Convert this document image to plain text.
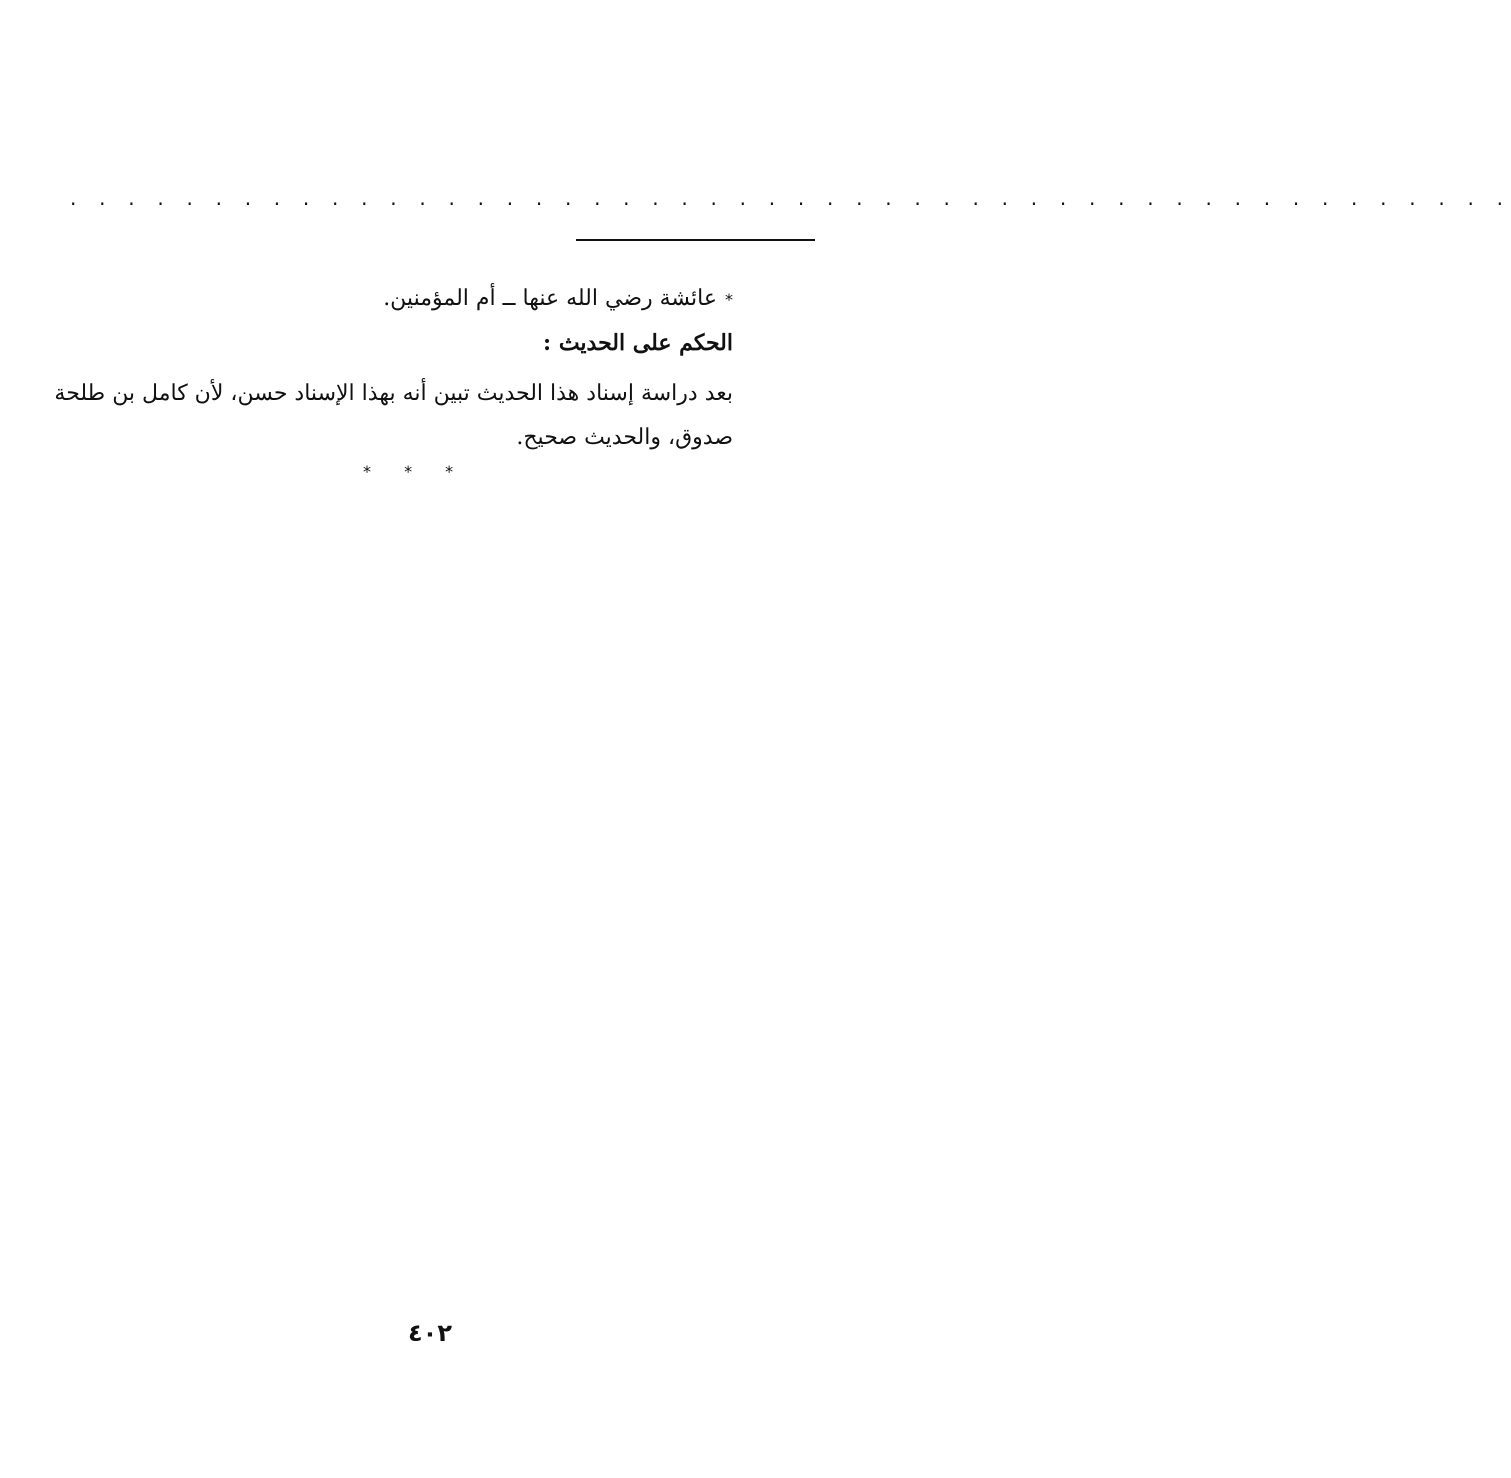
. . . . . . . . . . . . . . . . . . . . . . . . . . . . . . . . . . . . . . . . . . . . . . . . . .
*عائشة رضي الله عنها ــ أم المؤمنين.
الحكم على الحديث :
بعد دراسة إسناد هذا الحديث تبين أنه بهذا الإسناد حسن، لأن كامل بن طلحة
صدوق، والحديث صحيح.
* * *
٤٠٢
